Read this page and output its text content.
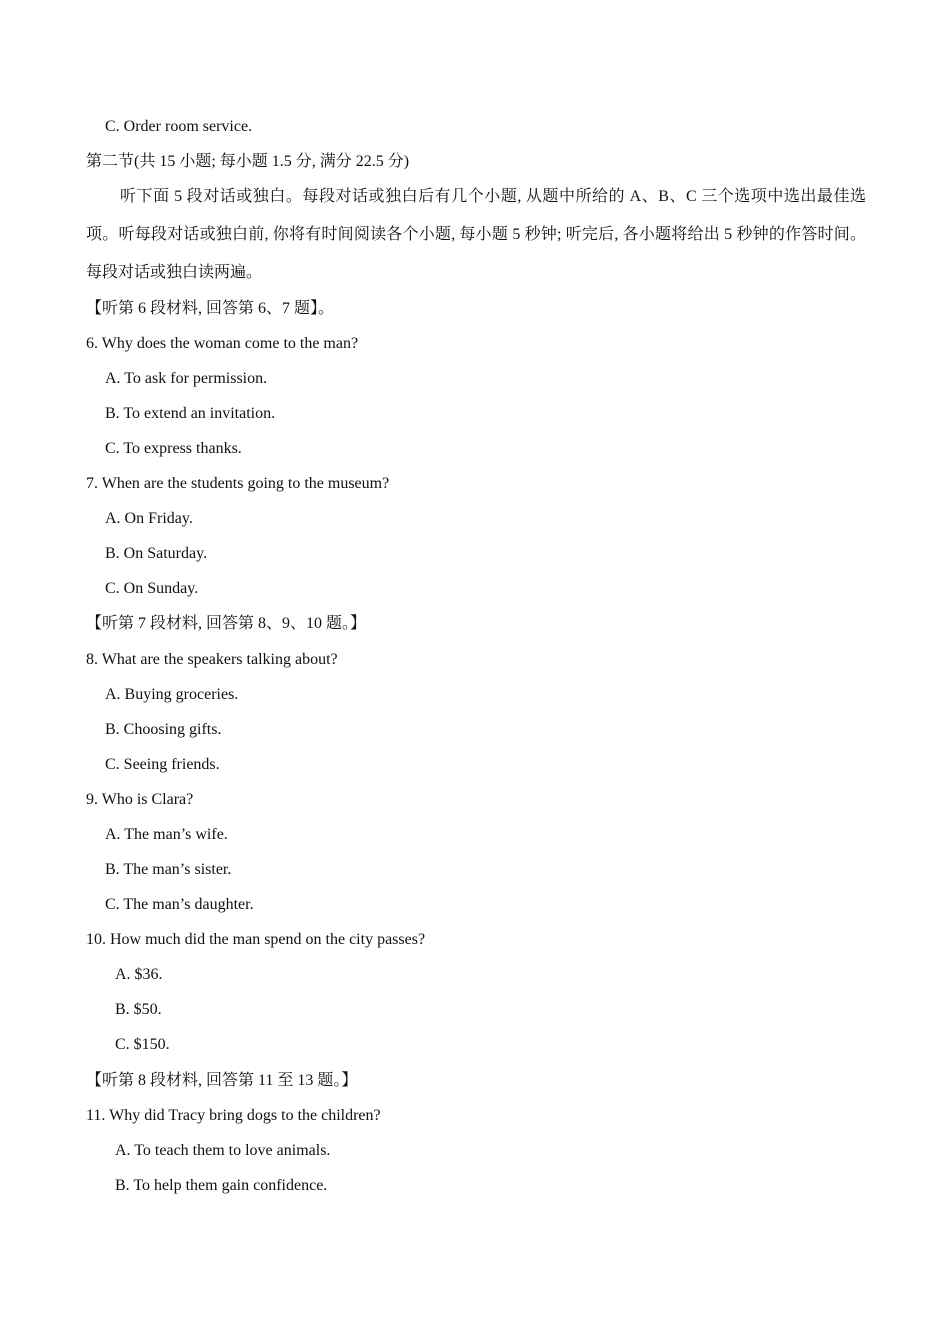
C. Order room service.
第二节(共 15 小题; 每小题 1.5 分, 满分 22.5 分)
听下面 5 段对话或独白。每段对话或独白后有几个小题, 从题中所给的 A、B、C 三个选项中选出最佳选项。听每段对话或独白前, 你将有时间阅读各个小题, 每小题 5 秒钟; 听完后, 各小题将给出 5 秒钟的作答时间。每段对话或独白读两遍。
【听第 6 段材料, 回答第 6、7 题】。
6. Why does the woman come to the man?
A. To ask for permission.
B. To extend an invitation.
C. To express thanks.
7. When are the students going to the museum?
A. On Friday.
B. On Saturday.
C. On Sunday.
【听第 7 段材料, 回答第 8、9、10 题。】
8. What are the speakers talking about?
A. Buying groceries.
B. Choosing gifts.
C. Seeing friends.
9. Who is Clara?
A. The man’s wife.
B. The man’s sister.
C. The man’s daughter.
10. How much did the man spend on the city passes?
A. $36.
B. $50.
C. $150.
【听第 8 段材料, 回答第 11 至 13 题。】
11. Why did Tracy bring dogs to the children?
A. To teach them to love animals.
B. To help them gain confidence.
